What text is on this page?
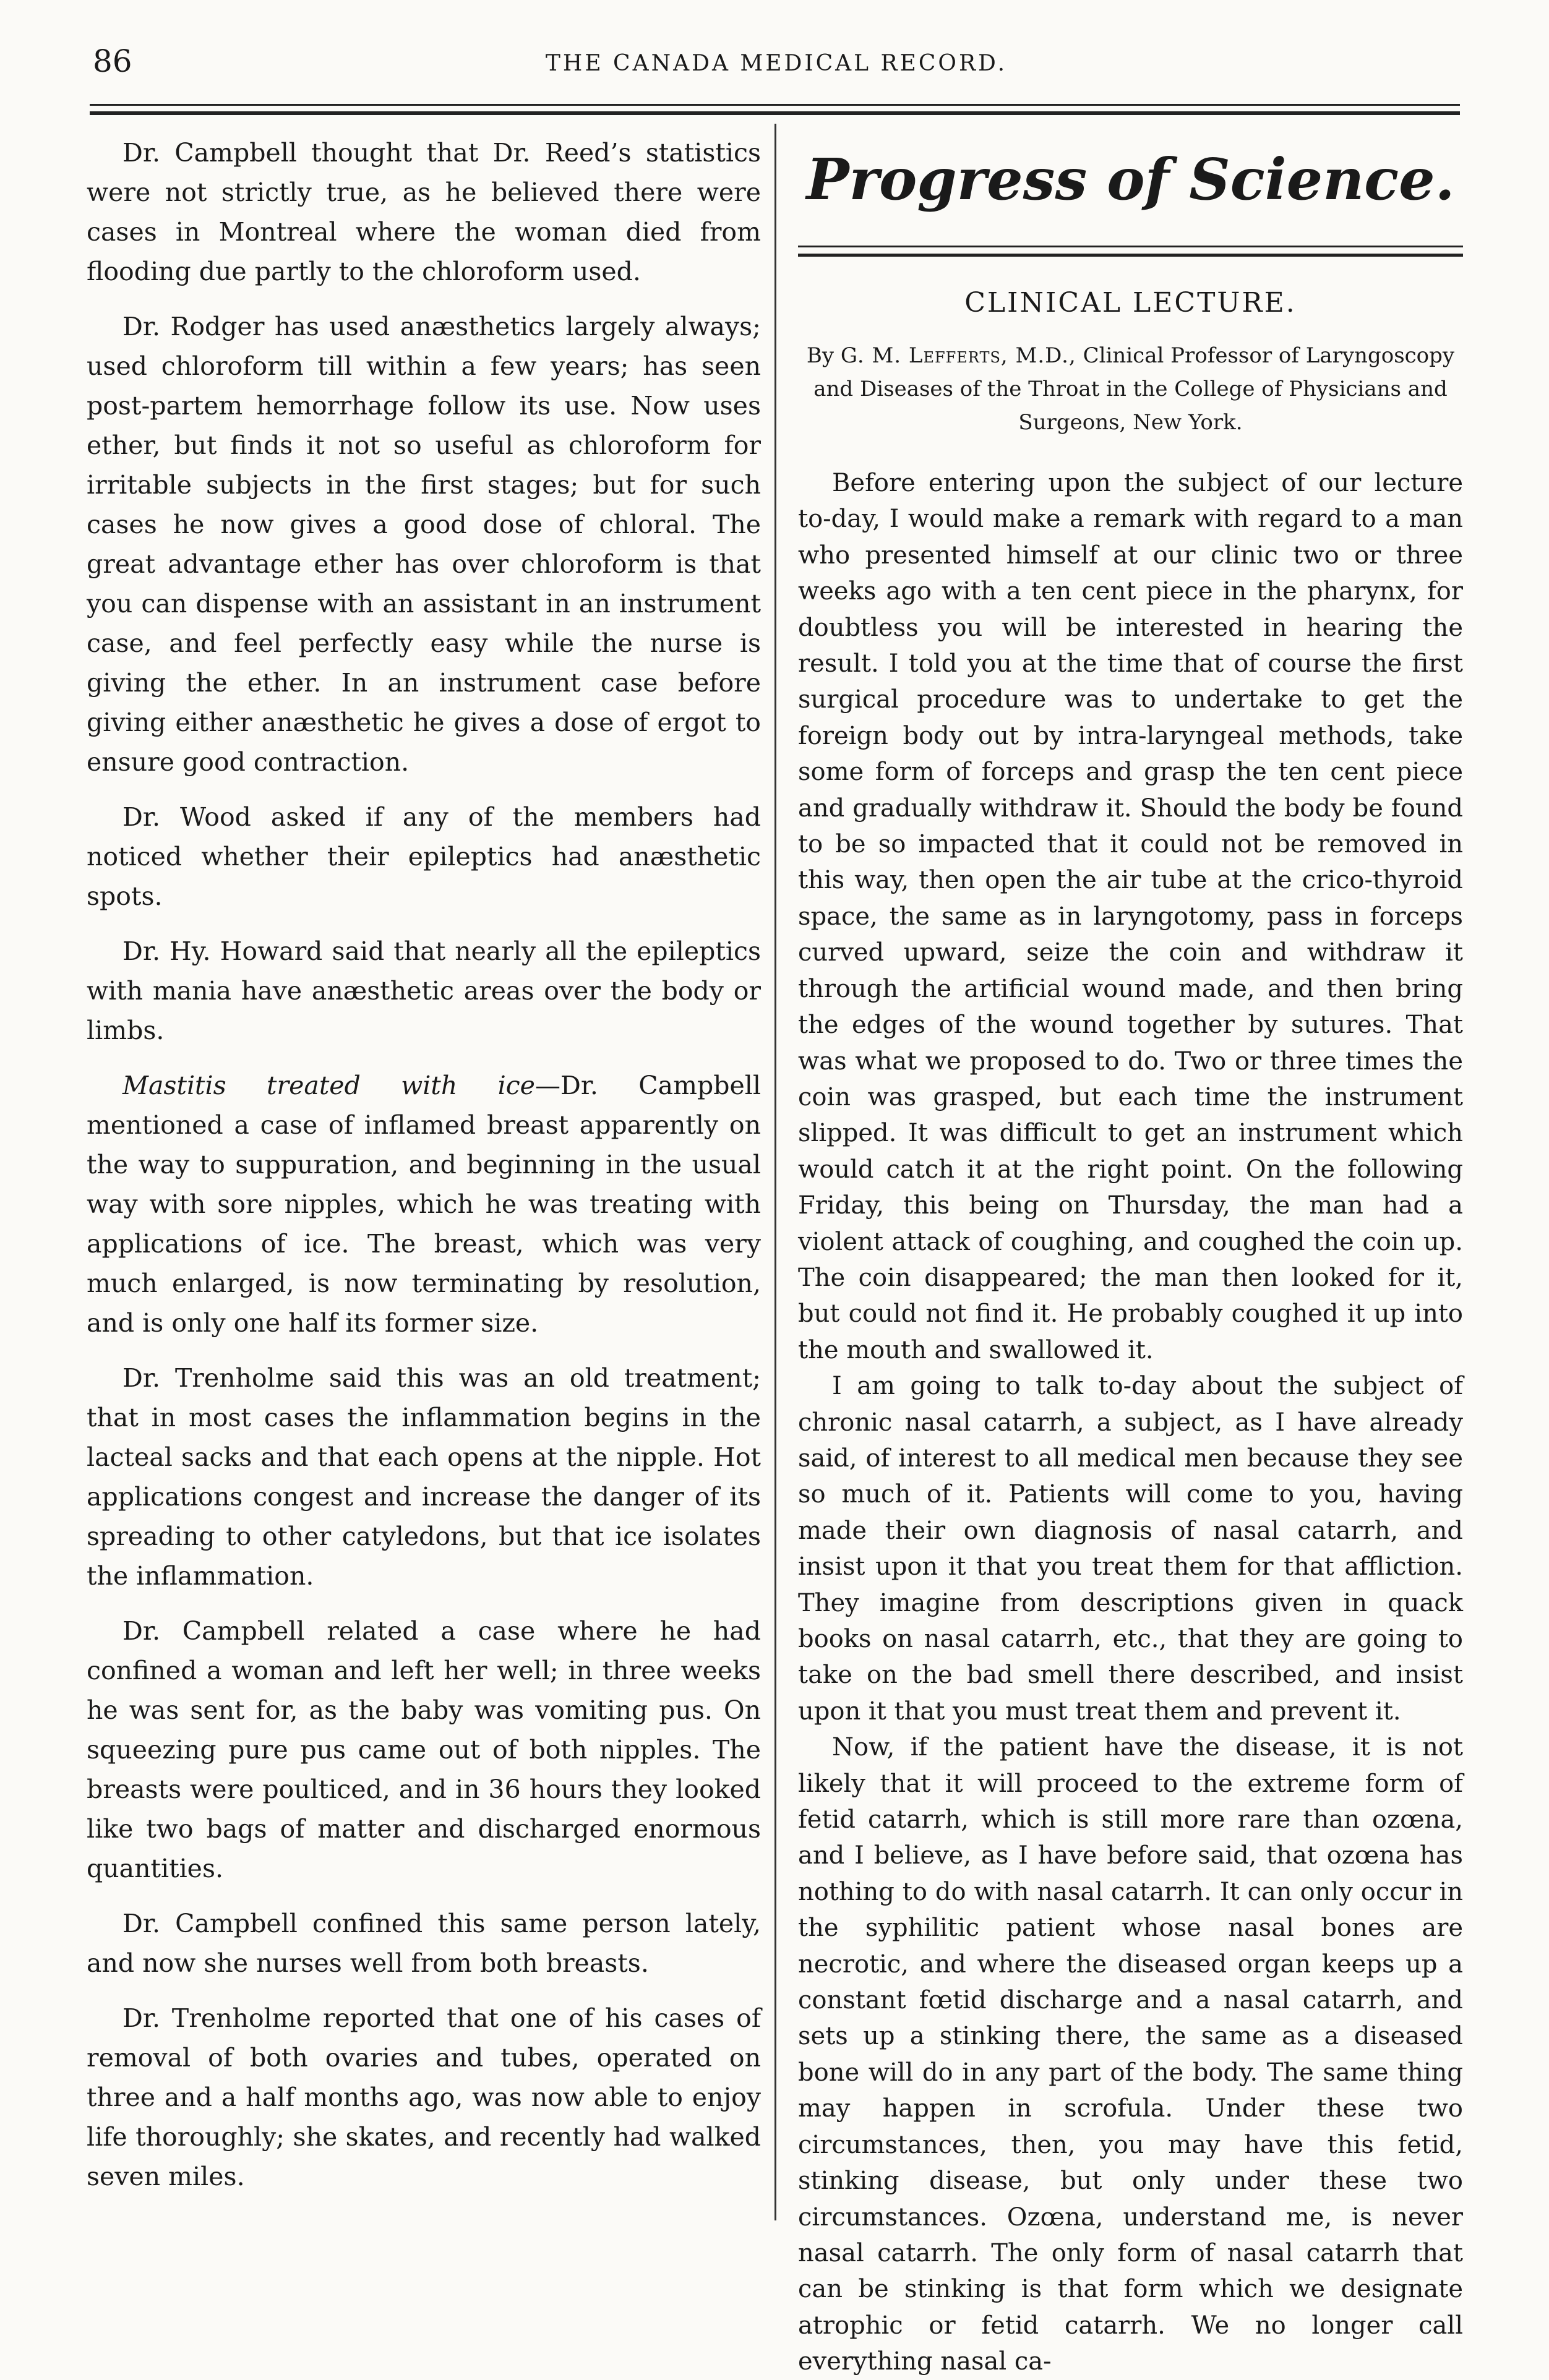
86	THE CANADA MEDICAL RECORD.

Dr. Campbell thought that Dr. Reed’s statistics were not strictly true, as he believed there were cases in Montreal where the woman died from flooding due partly to the chloroform used.

Dr. Rodger has used anæsthetics largely always; used chloroform till within a few years; has seen post-partem hemorrhage follow its use. Now uses ether, but finds it not so useful as chloroform for irritable subjects in the first stages; but for such cases he now gives a good dose of chloral. The great advantage ether has over chloroform is that you can dispense with an assistant in an instrument case, and feel perfectly easy while the nurse is giving the ether. In an instrument case before giving either anæsthetic he gives a dose of ergot to ensure good contraction.

Dr. Wood asked if any of the members had noticed whether their epileptics had anæsthetic spots.

Dr. Hy. Howard said that nearly all the epileptics with mania have anæsthetic areas over the body or limbs.

Mastitis treated with ice—Dr. Campbell mentioned a case of inflamed breast apparently on the way to suppuration, and beginning in the usual way with sore nipples, which he was treating with applications of ice. The breast, which was very much enlarged, is now terminating by resolution, and is only one half its former size.

Dr. Trenholme said this was an old treatment; that in most cases the inflammation begins in the lacteal sacks and that each opens at the nipple. Hot applications congest and increase the danger of its spreading to other catyledons, but that ice isolates the inflammation.

Dr. Campbell related a case where he had confined a woman and left her well; in three weeks he was sent for, as the baby was vomiting pus. On squeezing pure pus came out of both nipples. The breasts were poulticed, and in 36 hours they looked like two bags of matter and discharged enormous quantities.

Dr. Campbell confined this same person lately, and now she nurses well from both breasts.

Dr. Trenholme reported that one of his cases of removal of both ovaries and tubes, operated on three and a half months ago, was now able to enjoy life thoroughly; she skates, and recently had walked seven miles.

Progress of Science.
CLINICAL LECTURE.
By G. M. Lefferts, M.D., Clinical Professor of Laryngoscopy and Diseases of the Throat in the College of Physicians and Surgeons, New York.

Before entering upon the subject of our lecture to-day, I would make a remark with regard to a man who presented himself at our clinic two or three weeks ago with a ten cent piece in the pharynx, for doubtless you will be interested in hearing the result. I told you at the time that of course the first surgical procedure was to undertake to get the foreign body out by intra-laryngeal methods, take some form of forceps and grasp the ten cent piece and gradually withdraw it. Should the body be found to be so impacted that it could not be removed in this way, then open the air tube at the crico-thyroid space, the same as in laryngotomy, pass in forceps curved upward, seize the coin and withdraw it through the artificial wound made, and then bring the edges of the wound together by sutures. That was what we proposed to do. Two or three times the coin was grasped, but each time the instrument slipped. It was difficult to get an instrument which would catch it at the right point. On the following Friday, this being on Thursday, the man had a violent attack of coughing, and coughed the coin up. The coin disappeared; the man then looked for it, but could not find it. He probably coughed it up into the mouth and swallowed it.

I am going to talk to-day about the subject of chronic nasal catarrh, a subject, as I have already said, of interest to all medical men because they see so much of it. Patients will come to you, having made their own diagnosis of nasal catarrh, and insist upon it that you treat them for that affliction. They imagine from descriptions given in quack books on nasal catarrh, etc., that they are going to take on the bad smell there described, and insist upon it that you must treat them and prevent it.

Now, if the patient have the disease, it is not likely that it will proceed to the extreme form of fetid catarrh, which is still more rare than ozœna, and I believe, as I have before said, that ozœna has nothing to do with nasal catarrh. It can only occur in the syphilitic patient whose nasal bones are necrotic, and where the diseased organ keeps up a constant fœtid discharge and a nasal catarrh, and sets up a stinking there, the same as a diseased bone will do in any part of the body. The same thing may happen in scrofula. Under these two circumstances, then, you may have this fetid, stinking disease, but only under these two circumstances. Ozœna, understand me, is never nasal catarrh. The only form of nasal catarrh that can be stinking is that form which we designate atrophic or fetid catarrh. We no longer call everything nasal ca-
